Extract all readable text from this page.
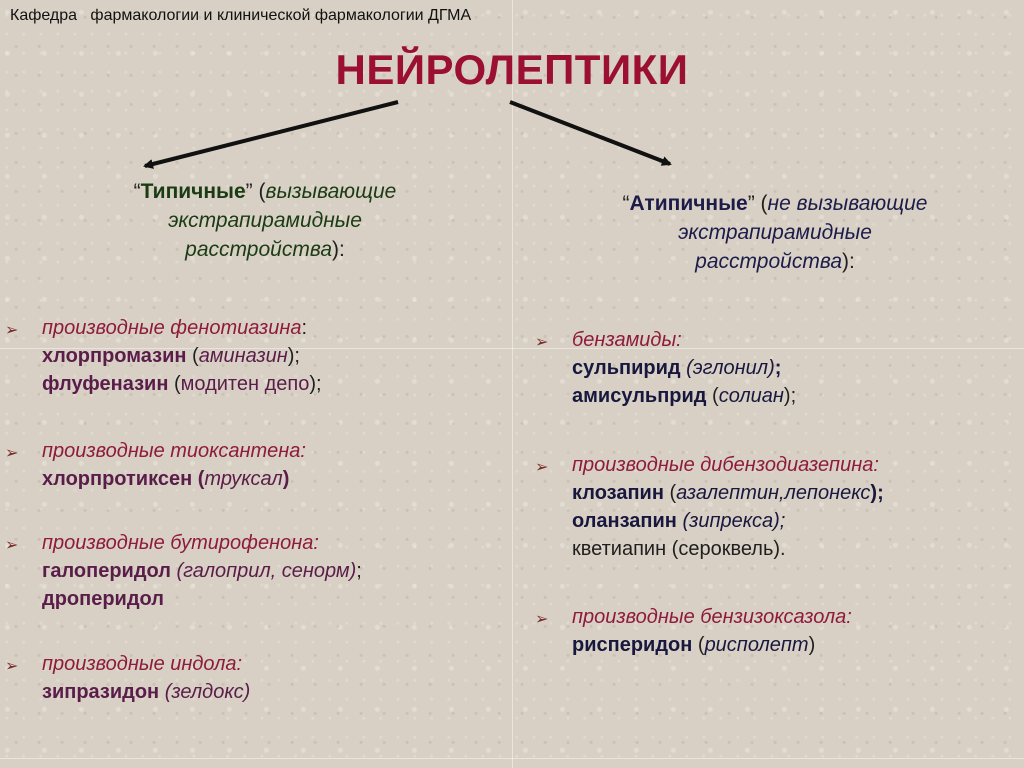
Кафедра   фармакологии и клинической фармакологии ДГМА
НЕЙРОЛЕПТИКИ
“Типичные” (вызывающие
экстрапирамидные
расстройства):
“Атипичные” (не вызывающие
экстрапирамидные
расстройства):
➢ производные фенотиазина:
хлорпромазин (аминазин);
флуфеназин (модитен депо);
➢ производные тиоксантена:
хлорпротиксен (труксал)
➢ производные бутирофенона:
галоперидол (галоприл, сенорм);
дроперидол
➢ производные индола:
зипразидон (зелдокс)
➢ бензамиды:
сульпирид (эглонил);
амисульприд (солиан);
➢ производные дибензодиазепина:
клозапин (азалептин,лепонекс);
оланзапин (зипрекса);
кветиапин (сероквель).
➢ производные бензизоксазола:
рисперидон (рисполепт)
